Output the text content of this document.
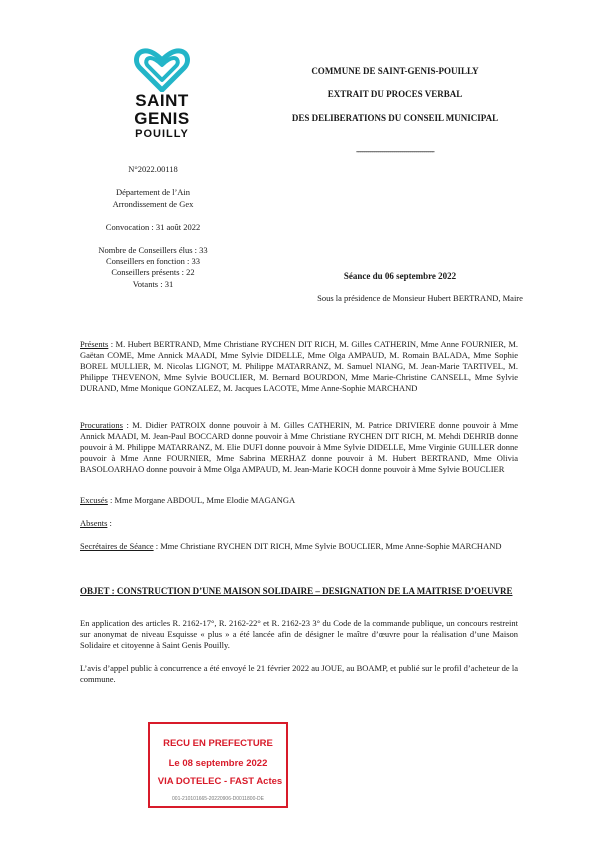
SAINT
GENIS
POUILLY
COMMUNE DE SAINT-GENIS-POUILLY
EXTRAIT DU PROCES VERBAL
DES DELIBERATIONS DU CONSEIL MUNICIPAL
---------------------------------------
N°2022.00118
Département de l’Ain
Arrondissement de Gex
Convocation : 31 août 2022
Nombre de Conseillers élus : 33
Conseillers en fonction : 33
Conseillers présents : 22
Votants : 31
Séance du 06 septembre 2022
Sous la présidence de Monsieur Hubert BERTRAND, Maire
Présents : M. Hubert BERTRAND, Mme Christiane RYCHEN DIT RICH, M. Gilles CATHERIN, Mme Anne FOURNIER, M. Gaëtan COME, Mme Annick MAADI, Mme Sylvie DIDELLE, Mme Olga AMPAUD, M. Romain BALADA, Mme Sophie BOREL MULLIER, M. Nicolas LIGNOT, M. Philippe MATARRANZ, M. Samuel NIANG, M. Jean-Marie TARTIVEL, M. Philippe THEVENON, Mme Sylvie BOUCLIER, M. Bernard BOURDON, Mme Marie-Christine CANSELL, Mme Sylvie DURAND, Mme Monique GONZALEZ, M. Jacques LACOTE, Mme Anne-Sophie MARCHAND
Procurations : M. Didier PATROIX donne pouvoir à M. Gilles CATHERIN, M. Patrice DRIVIERE donne pouvoir à Mme Annick MAADI, M. Jean-Paul BOCCARD donne pouvoir à Mme Christiane RYCHEN DIT RICH, M. Mehdi DEHRIB donne pouvoir à M. Philippe MATARRANZ, M. Elie DUFI donne pouvoir à Mme Sylvie DIDELLE, Mme Virginie GUILLER donne pouvoir à Mme Anne FOURNIER, Mme Sabrina MERHAZ donne pouvoir à M. Hubert BERTRAND, Mme Olivia BASOLOARHAO donne pouvoir à Mme Olga AMPAUD, M. Jean-Marie KOCH donne pouvoir à Mme Sylvie BOUCLIER
Excusés : Mme Morgane ABDOUL, Mme Elodie MAGANGA
Absents :
Secrétaires de Séance : Mme Christiane RYCHEN DIT RICH, Mme Sylvie BOUCLIER, Mme Anne-Sophie MARCHAND
OBJET : CONSTRUCTION D’UNE MAISON SOLIDAIRE – DESIGNATION DE LA MAITRISE D’OEUVRE
En application des articles R. 2162-17°, R. 2162-22° et R. 2162-23 3° du Code de la commande publique, un concours restreint sur anonymat de niveau Esquisse « plus » a été lancée afin de désigner le maître d’œuvre pour la réalisation d’une Maison Solidaire et citoyenne à Saint Genis Pouilly.
L’avis d’appel public à concurrence a été envoyé le 21 février 2022 au JOUE, au BOAMP, et publié sur le profil d’acheteur de la commune.
RECU EN PREFECTURE
Le 08 septembre 2022
VIA DOTELEC - FAST Actes
001-210101665-20220906-D0011800-DE
